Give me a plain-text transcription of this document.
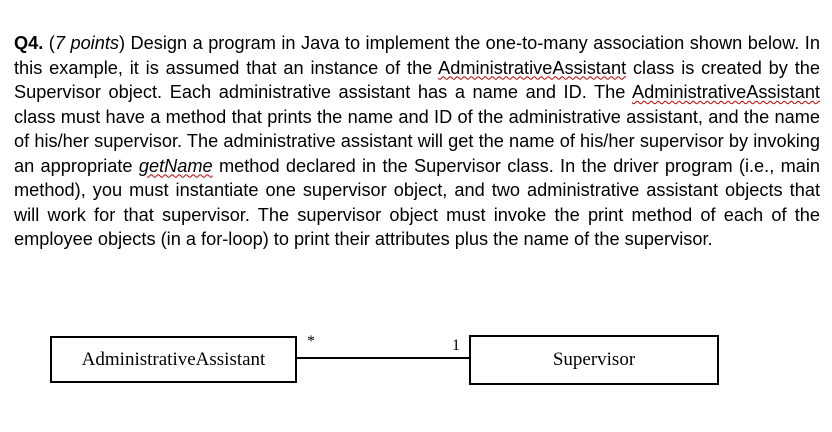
Q4. (7 points) Design a program in Java to implement the one-to-many association shown below. In this example, it is assumed that an instance of the AdministrativeAssistant class is created by the Supervisor object. Each administrative assistant has a name and ID. The AdministrativeAssistant class must have a method that prints the name and ID of the administrative assistant, and the name of his/her supervisor. The administrative assistant will get the name of his/her supervisor by invoking an appropriate getName method declared in the Supervisor class. In the driver program (i.e., main method), you must instantiate one supervisor object, and two administrative assistant objects that will work for that supervisor. The supervisor object must invoke the print method of each of the employee objects (in a for-loop) to print their attributes plus the name of the supervisor.

AdministrativeAssistant
*	1
Supervisor
